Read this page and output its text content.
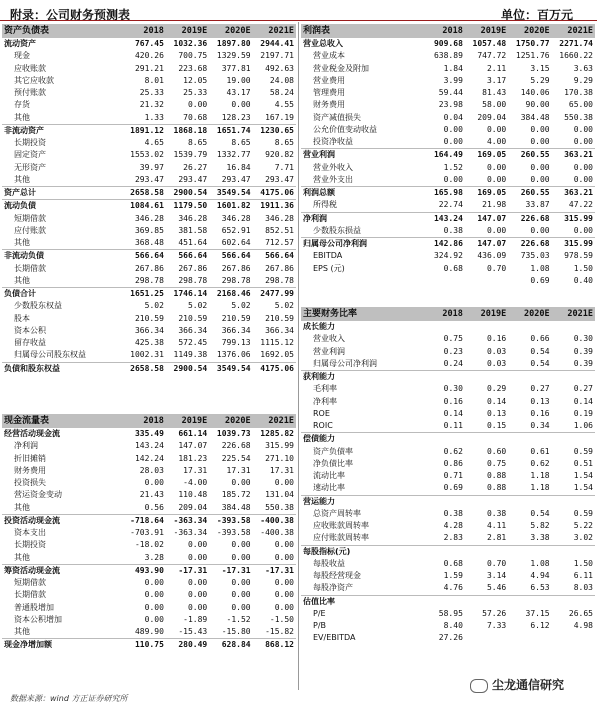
附录：公司财务预测表	单位：百万元
资产负债表	2018	2019E	2020E	2021E
流动资产	767.45	1032.36	1897.80	2944.41
现金	420.26	700.75	1329.59	2197.71
应收账款	291.21	223.68	377.81	492.63
其它应收款	8.01	12.05	19.00	24.08
预付账款	25.33	25.33	43.17	58.24
存货	21.32	0.00	0.00	4.55
其他	1.33	70.68	128.23	167.19
非流动资产	1891.12	1868.18	1651.74	1230.65
长期投资	4.65	8.65	8.65	8.65
固定资产	1553.02	1539.79	1332.77	920.82
无形资产	39.97	26.27	16.84	7.71
其他	293.47	293.47	293.47	293.47
资产总计	2658.58	2900.54	3549.54	4175.06
流动负债	1084.61	1179.50	1601.82	1911.36
短期借款	346.28	346.28	346.28	346.28
应付账款	369.85	381.58	652.91	852.51
其他	368.48	451.64	602.64	712.57
非流动负债	566.64	566.64	566.64	566.64
长期借款	267.86	267.86	267.86	267.86
其他	298.78	298.78	298.78	298.78
负债合计	1651.25	1746.14	2168.46	2477.99
少数股东权益	5.02	5.02	5.02	5.02
股本	210.59	210.59	210.59	210.59
资本公积	366.34	366.34	366.34	366.34
留存收益	425.38	572.45	799.13	1115.12
归属母公司股东权益	1002.31	1149.38	1376.06	1692.05
负债和股东权益	2658.58	2900.54	3549.54	4175.06
现金流量表	2018	2019E	2020E	2021E
经营活动现金流	335.49	661.14	1039.73	1285.82
净利润	143.24	147.07	226.68	315.99
折旧摊销	142.24	181.23	225.54	271.10
财务费用	28.03	17.31	17.31	17.31
投资损失	0.00	-4.00	0.00	0.00
营运资金变动	21.43	110.48	185.72	131.04
其他	0.56	209.04	384.48	550.38
投资活动现金流	-718.64	-363.34	-393.58	-400.38
资本支出	-703.91	-363.34	-393.58	-400.38
长期投资	-18.02	0.00	0.00	0.00
其他	3.28	0.00	0.00	0.00
筹资活动现金流	493.90	-17.31	-17.31	-17.31
短期借款	0.00	0.00	0.00	0.00
长期借款	0.00	0.00	0.00	0.00
普通股增加	0.00	0.00	0.00	0.00
资本公积增加	0.00	-1.89	-1.52	-1.50
其他	489.90	-15.43	-15.80	-15.82
现金净增加额	110.75	280.49	628.84	868.12
利润表	2018	2019E	2020E	2021E
营业总收入	909.68	1057.48	1750.77	2271.74
营业成本	638.89	747.72	1251.76	1660.22
营业税金及附加	1.84	2.11	3.15	3.63
营业费用	3.99	3.17	5.29	9.29
管理费用	59.44	81.43	140.06	170.38
财务费用	23.98	58.00	90.00	65.00
资产减值损失	0.04	209.04	384.48	550.38
公允价值变动收益	0.00	0.00	0.00	0.00
投资净收益	0.00	4.00	0.00	0.00
营业利润	164.49	169.05	260.55	363.21
营业外收入	1.52	0.00	0.00	0.00
营业外支出	0.00	0.00	0.00	0.00
利润总额	165.98	169.05	260.55	363.21
所得税	22.74	21.98	33.87	47.22
净利润	143.24	147.07	226.68	315.99
少数股东损益	0.38	0.00	0.00	0.00
归属母公司净利润	142.86	147.07	226.68	315.99
EBITDA	324.92	436.09	735.03	978.59
EPS (元)	0.68	0.70	1.08	1.50
			0.69	0.40
主要财务比率	2018	2019E	2020E	2021E
成长能力				
营业收入	0.75	0.16	0.66	0.30
营业利润	0.23	0.03	0.54	0.39
归属母公司净利润	0.24	0.03	0.54	0.39
获利能力				
毛利率	0.30	0.29	0.27	0.27
净利率	0.16	0.14	0.13	0.14
ROE	0.14	0.13	0.16	0.19
ROIC	0.11	0.15	0.34	1.06
偿债能力				
资产负债率	0.62	0.60	0.61	0.59
净负债比率	0.86	0.75	0.62	0.51
流动比率	0.71	0.88	1.18	1.54
速动比率	0.69	0.88	1.18	1.54
营运能力				
总资产周转率	0.38	0.38	0.54	0.59
应收账款周转率	4.28	4.11	5.82	5.22
应付账款周转率	2.83	2.81	3.38	3.02
每股指标(元)				
每股收益	0.68	0.70	1.08	1.50
每股经营现金	1.59	3.14	4.94	6.11
每股净资产	4.76	5.46	6.53	8.03
估值比率				
P/E	58.95	57.26	37.15	26.65
P/B	8.40	7.33	6.12	4.98
EV/EBITDA	27.26			
数据来源：wind 方正证券研究所
尘龙通信研究
